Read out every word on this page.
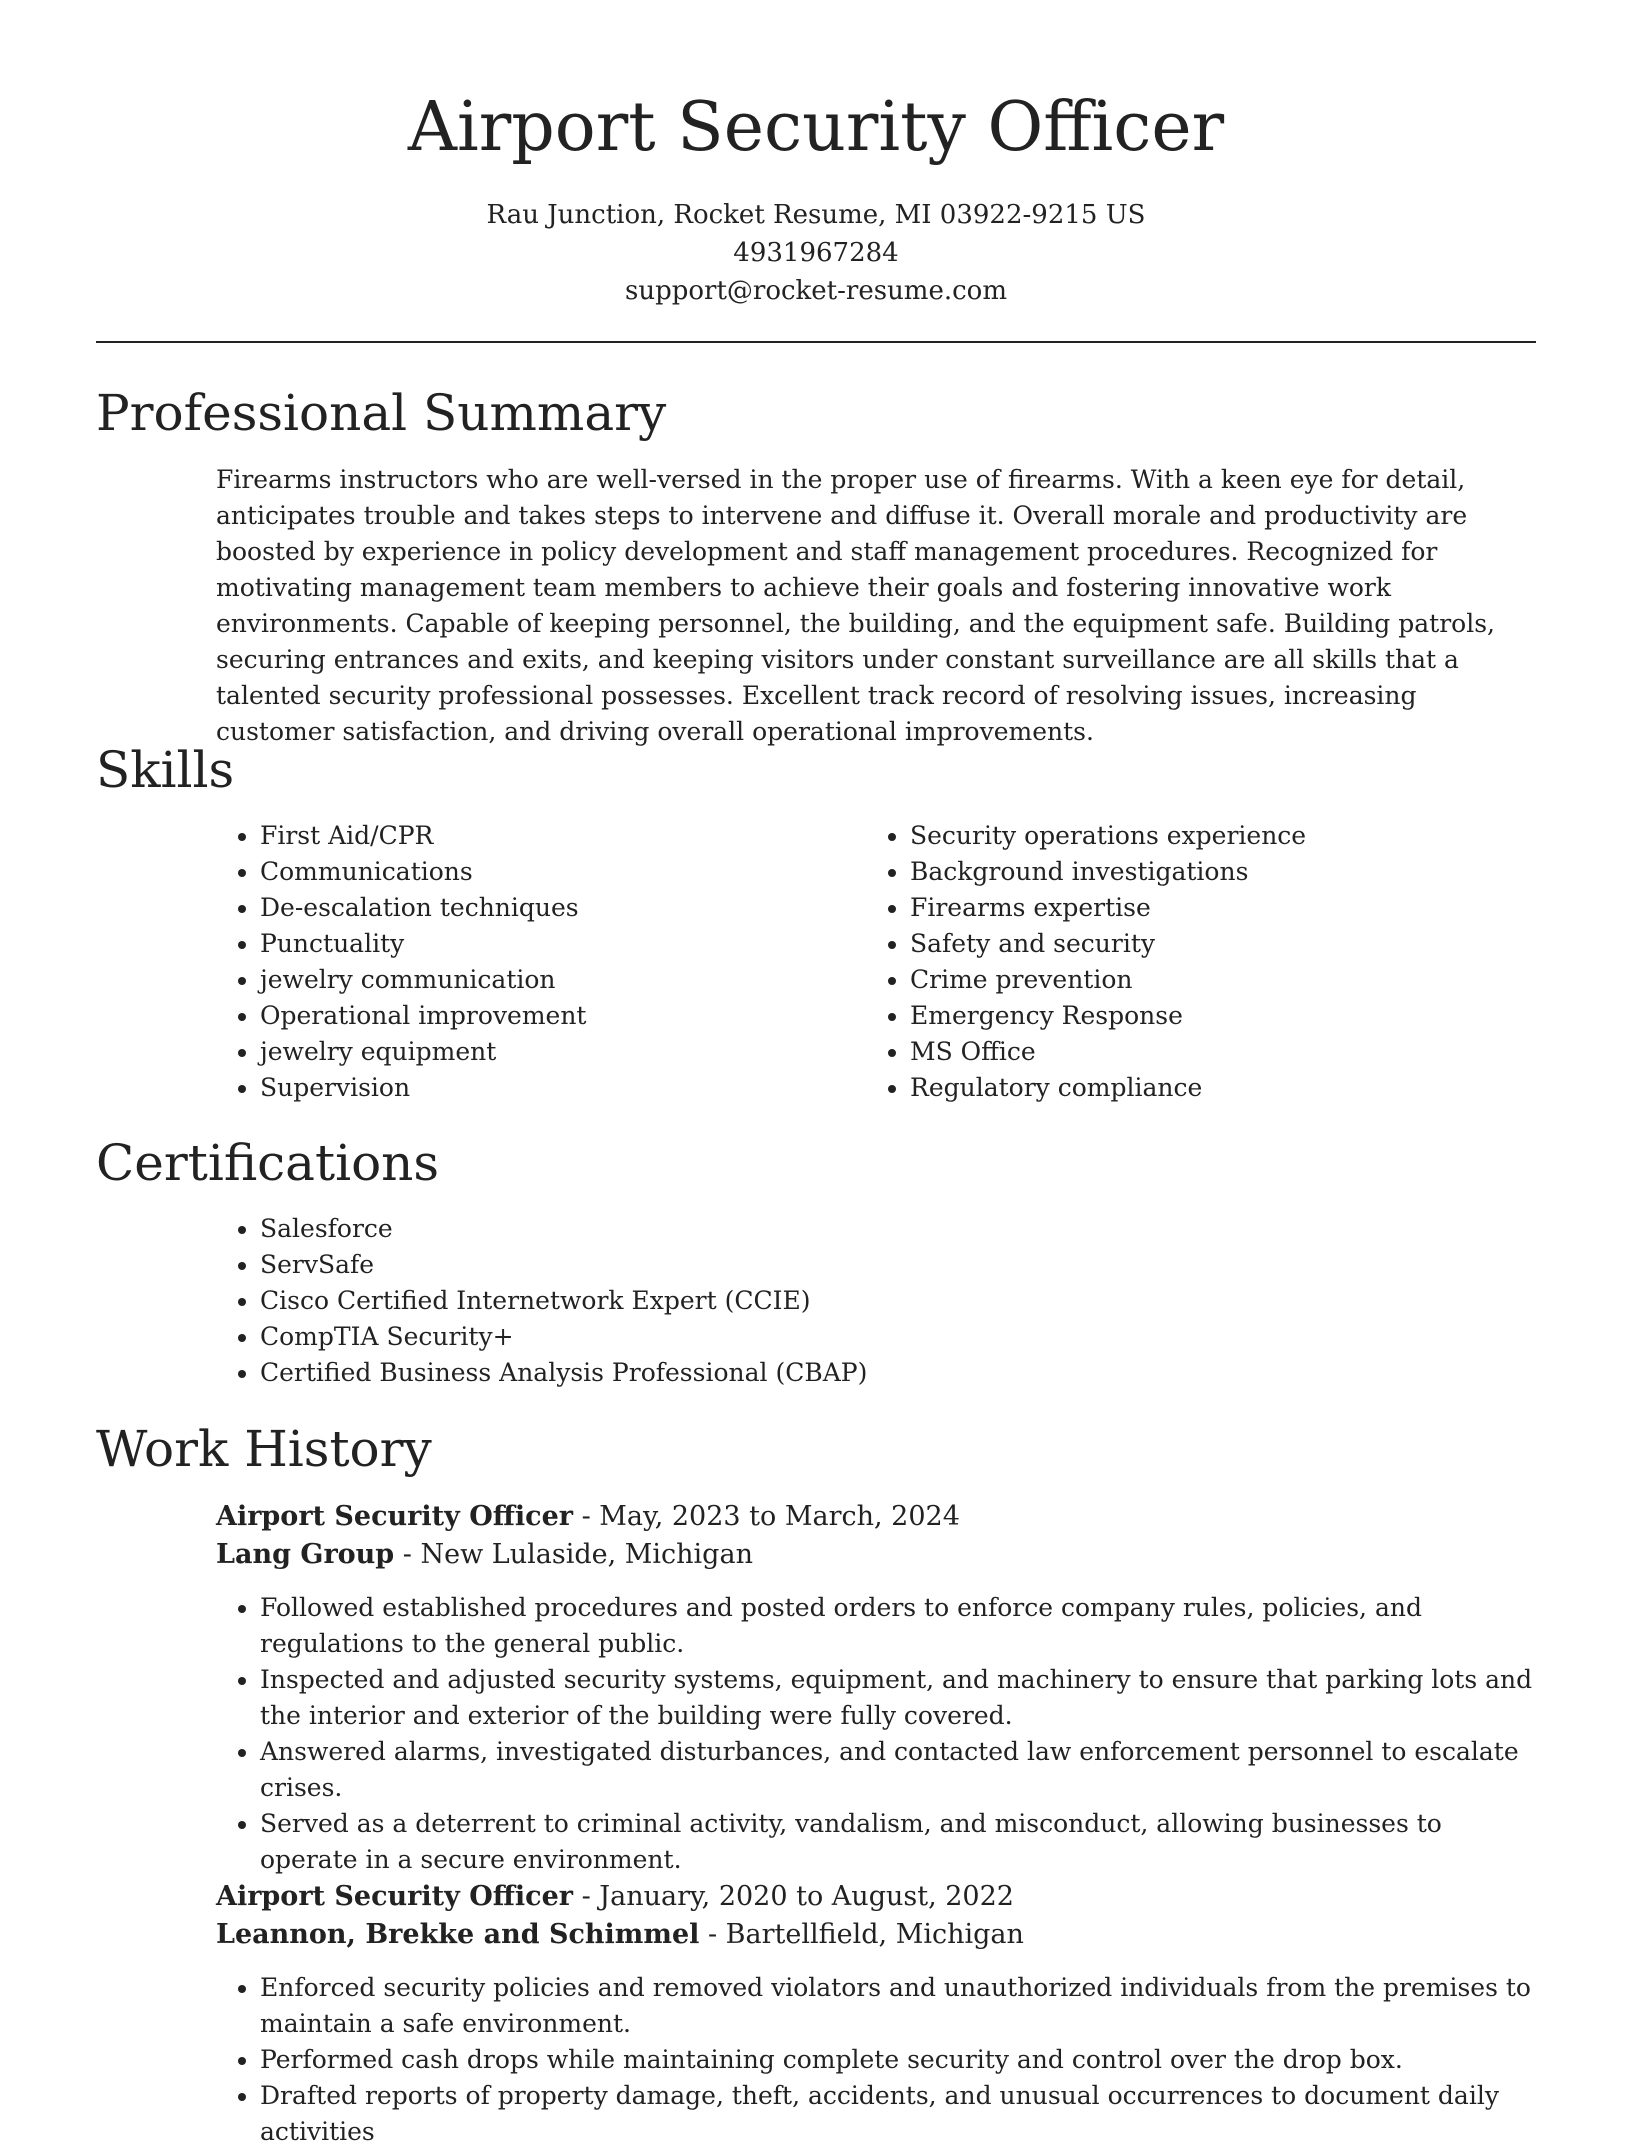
Airport Security Officer
Rau Junction, Rocket Resume, MI 03922-9215 US
4931967284
support@rocket-resume.com
Professional Summary

Firearms instructors who are well-versed in the proper use of firearms. With a keen eye for detail, anticipates trouble and takes steps to intervene and diffuse it. Overall morale and productivity are boosted by experience in policy development and staff management procedures. Recognized for motivating management team members to achieve their goals and fostering innovative work environments. Capable of keeping personnel, the building, and the equipment safe. Building patrols, securing entrances and exits, and keeping visitors under constant surveillance are all skills that a talented security professional possesses. Excellent track record of resolving issues, increasing customer satisfaction, and driving overall operational improvements.

Skills
• First Aid/CPR
• Communications
• De-escalation techniques
• Punctuality
• jewelry communication
• Operational improvement
• jewelry equipment
• Supervision
• Security operations experience
• Background investigations
• Firearms expertise
• Safety and security
• Crime prevention
• Emergency Response
• MS Office
• Regulatory compliance
Certifications
• Salesforce
• ServSafe
• Cisco Certified Internetwork Expert (CCIE)
• CompTIA Security+
• Certified Business Analysis Professional (CBAP)
Work History

Airport Security Officer - May, 2023 to March, 2024

Lang Group - New Lulaside, Michigan

• Followed established procedures and posted orders to enforce company rules, policies, and regulations to the general public.
• Inspected and adjusted security systems, equipment, and machinery to ensure that parking lots and the interior and exterior of the building were fully covered.
• Answered alarms, investigated disturbances, and contacted law enforcement personnel to escalate crises.
• Served as a deterrent to criminal activity, vandalism, and misconduct, allowing businesses to operate in a secure environment.

Airport Security Officer - January, 2020 to August, 2022

Leannon, Brekke and Schimmel - Bartellfield, Michigan

• Enforced security policies and removed violators and unauthorized individuals from the premises to maintain a safe environment.
• Performed cash drops while maintaining complete security and control over the drop box.
• Drafted reports of property damage, theft, accidents, and unusual occurrences to document daily activities
